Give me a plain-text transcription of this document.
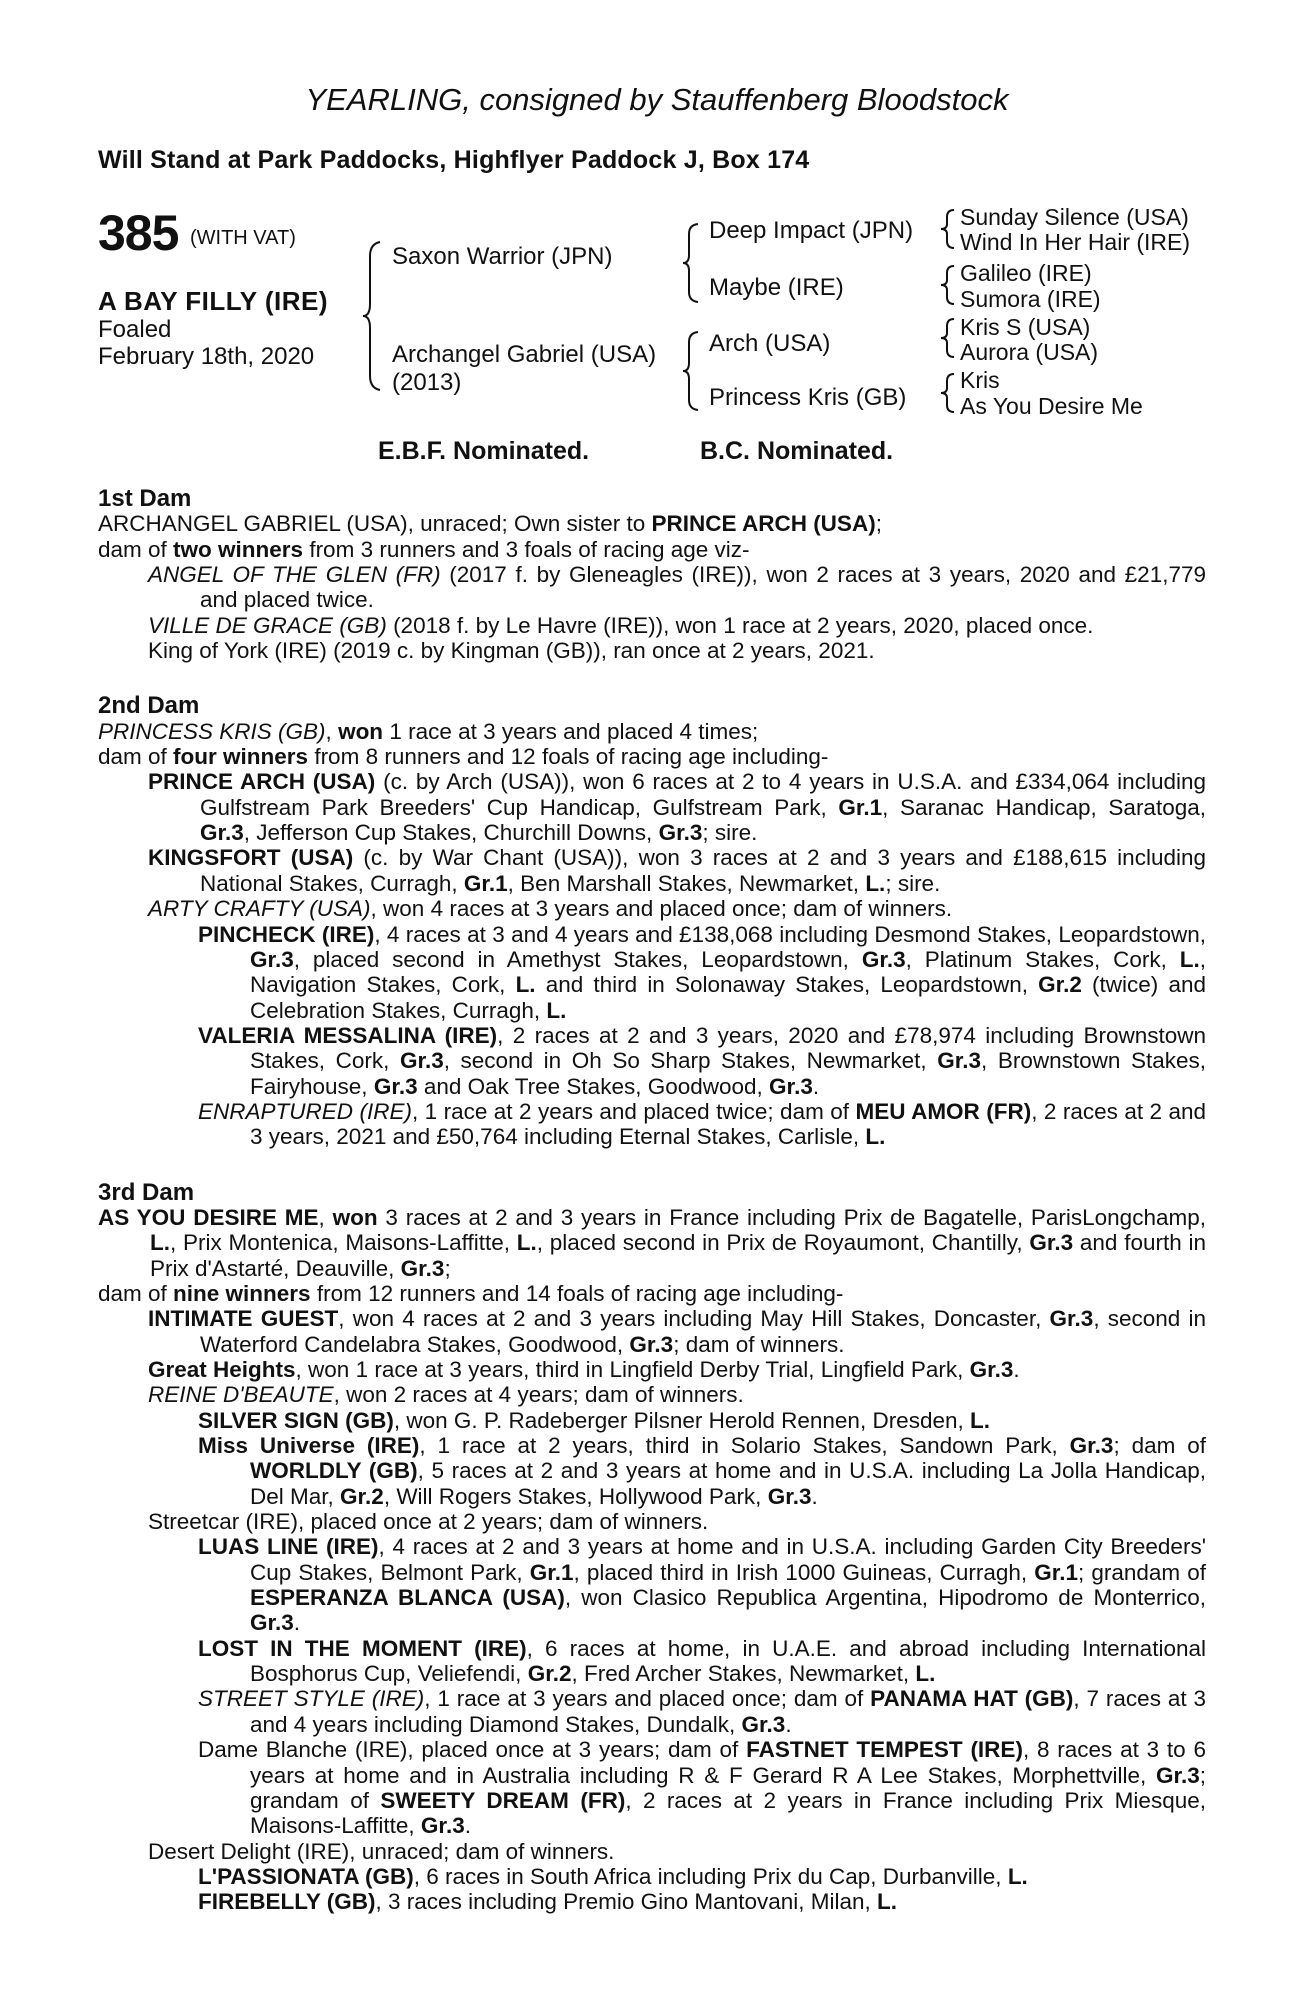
YEARLING, consigned by Stauffenberg Bloodstock
Will Stand at Park Paddocks, Highflyer Paddock J, Box 174
385 (WITH VAT)
A BAY FILLY (IRE)
Foaled
February 18th, 2020
Saxon Warrior (JPN)
Archangel Gabriel (USA)
(2013)
Deep Impact (JPN)
Maybe (IRE)
Arch (USA)
Princess Kris (GB)
Sunday Silence (USA)
Wind In Her Hair (IRE)
Galileo (IRE)
Sumora (IRE)
Kris S (USA)
Aurora (USA)
Kris
As You Desire Me
E.B.F. Nominated.	B.C. Nominated.
1st Dam
ARCHANGEL GABRIEL (USA), unraced; Own sister to PRINCE ARCH (USA);
dam of two winners from 3 runners and 3 foals of racing age viz-
ANGEL OF THE GLEN (FR) (2017 f. by Gleneagles (IRE)), won 2 races at 3 years, 2020 and £21,779 and placed twice.
VILLE DE GRACE (GB) (2018 f. by Le Havre (IRE)), won 1 race at 2 years, 2020, placed once.
King of York (IRE) (2019 c. by Kingman (GB)), ran once at 2 years, 2021.
2nd Dam
PRINCESS KRIS (GB), won 1 race at 3 years and placed 4 times;
dam of four winners from 8 runners and 12 foals of racing age including-
PRINCE ARCH (USA) (c. by Arch (USA)), won 6 races at 2 to 4 years in U.S.A. and £334,064 including Gulfstream Park Breeders' Cup Handicap, Gulfstream Park, Gr.1, Saranac Handicap, Saratoga, Gr.3, Jefferson Cup Stakes, Churchill Downs, Gr.3; sire.
KINGSFORT (USA) (c. by War Chant (USA)), won 3 races at 2 and 3 years and £188,615 including National Stakes, Curragh, Gr.1, Ben Marshall Stakes, Newmarket, L.; sire.
ARTY CRAFTY (USA), won 4 races at 3 years and placed once; dam of winners.
PINCHECK (IRE), 4 races at 3 and 4 years and £138,068 including Desmond Stakes, Leopardstown, Gr.3, placed second in Amethyst Stakes, Leopardstown, Gr.3, Platinum Stakes, Cork, L., Navigation Stakes, Cork, L. and third in Solonaway Stakes, Leopardstown, Gr.2 (twice) and Celebration Stakes, Curragh, L.
VALERIA MESSALINA (IRE), 2 races at 2 and 3 years, 2020 and £78,974 including Brownstown Stakes, Cork, Gr.3, second in Oh So Sharp Stakes, Newmarket, Gr.3, Brownstown Stakes, Fairyhouse, Gr.3 and Oak Tree Stakes, Goodwood, Gr.3.
ENRAPTURED (IRE), 1 race at 2 years and placed twice; dam of MEU AMOR (FR), 2 races at 2 and 3 years, 2021 and £50,764 including Eternal Stakes, Carlisle, L.
3rd Dam
AS YOU DESIRE ME, won 3 races at 2 and 3 years in France including Prix de Bagatelle, ParisLongchamp, L., Prix Montenica, Maisons-Laffitte, L., placed second in Prix de Royaumont, Chantilly, Gr.3 and fourth in Prix d'Astarté, Deauville, Gr.3;
dam of nine winners from 12 runners and 14 foals of racing age including-
INTIMATE GUEST, won 4 races at 2 and 3 years including May Hill Stakes, Doncaster, Gr.3, second in Waterford Candelabra Stakes, Goodwood, Gr.3; dam of winners.
Great Heights, won 1 race at 3 years, third in Lingfield Derby Trial, Lingfield Park, Gr.3.
REINE D'BEAUTE, won 2 races at 4 years; dam of winners.
SILVER SIGN (GB), won G. P. Radeberger Pilsner Herold Rennen, Dresden, L.
Miss Universe (IRE), 1 race at 2 years, third in Solario Stakes, Sandown Park, Gr.3; dam of WORLDLY (GB), 5 races at 2 and 3 years at home and in U.S.A. including La Jolla Handicap, Del Mar, Gr.2, Will Rogers Stakes, Hollywood Park, Gr.3.
Streetcar (IRE), placed once at 2 years; dam of winners.
LUAS LINE (IRE), 4 races at 2 and 3 years at home and in U.S.A. including Garden City Breeders' Cup Stakes, Belmont Park, Gr.1, placed third in Irish 1000 Guineas, Curragh, Gr.1; grandam of ESPERANZA BLANCA (USA), won Clasico Republica Argentina, Hipodromo de Monterrico, Gr.3.
LOST IN THE MOMENT (IRE), 6 races at home, in U.A.E. and abroad including International Bosphorus Cup, Veliefendi, Gr.2, Fred Archer Stakes, Newmarket, L.
STREET STYLE (IRE), 1 race at 3 years and placed once; dam of PANAMA HAT (GB), 7 races at 3 and 4 years including Diamond Stakes, Dundalk, Gr.3.
Dame Blanche (IRE), placed once at 3 years; dam of FASTNET TEMPEST (IRE), 8 races at 3 to 6 years at home and in Australia including R & F Gerard R A Lee Stakes, Morphettville, Gr.3; grandam of SWEETY DREAM (FR), 2 races at 2 years in France including Prix Miesque, Maisons-Laffitte, Gr.3.
Desert Delight (IRE), unraced; dam of winners.
L'PASSIONATA (GB), 6 races in South Africa including Prix du Cap, Durbanville, L.
FIREBELLY (GB), 3 races including Premio Gino Mantovani, Milan, L.
